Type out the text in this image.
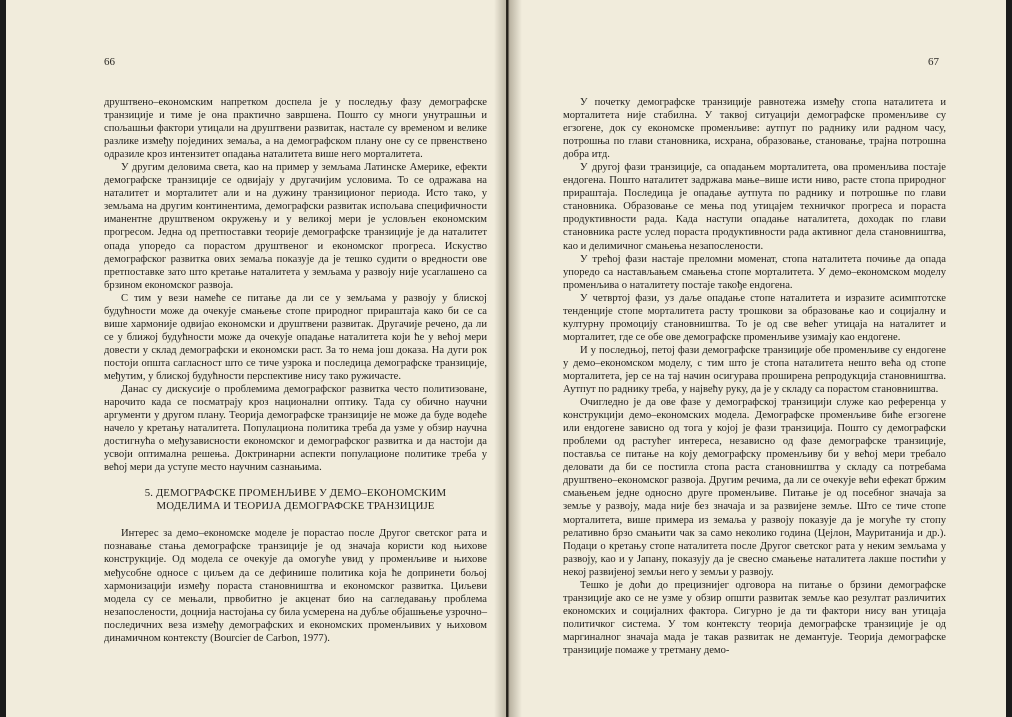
66

друштвено–економским напретком доспела је у последњу фазу демографске транзиције и тиме је она практично завршена. Пошто су многи унутрашњи и спољашњи фактори утицали на друштвени развитак, настале су временом и велике разлике између појединих земаља, а на демографском плану оне су се првенствено одразиле кроз интензитет опадања наталитета више него морталитета.

У другим деловима света, као на пример у земљама Латинске Америке, ефекти демографске транзиције се одвијају у другачијим условима. То се одражава на наталитет и морталитет али и на дужину транзиционог периода. Исто тако, у земљама на другим континентима, демографски развитак испољава специфичности иманентне друштвеном окружењу и у великој мери је условљен економским прогресом. Једна од претпоставки теорије демографске транзиције је да наталитет опада упоредо са порастом друштвеног и економског прогреса. Искуство демографског развитка ових земаља показује да је тешко судити о вредности ове претпоставке зато што кретање наталитета у земљама у развоју није усаглашено са брзином економског развоја.

С тим у вези намеће се питање да ли се у земљама у развоју у блиској будућности може да очекује смањење стопе природног прираштаја како би се са више хармоније одвијао економски и друштвени развитак. Другачије речено, да ли се у ближој будућности може да очекује опадање наталитета који ће у већој мери довести у склад демографски и економски раст. За то нема још доказа. На дуги рок постоји општа сагласност што се тиче узрока и последица демографске транзиције, међутим, у блиској будућности перспективе нису тако ружичасте.

Данас су дискусије о проблемима демографског развитка често политизоване, нарочито када се посматрају кроз национални оптику. Тада су обично научни аргументи у другом плану. Теорија демографске транзиције не може да буде водеће начело у кретању наталитета. Популациона политика треба да узме у обзир научна достигнућа о међузависности економског и демографског развитка и да настоји да усвоји оптимална решења. Доктринарни аспекти популационе политике треба у већој мери да уступе место научним сазнањима.

5. ДЕМОГРАФСКЕ ПРОМЕНЉИВЕ У ДЕМО–ЕКОНОМСКИМ МОДЕЛИМА И ТЕОРИЈА ДЕМОГРАФСКЕ ТРАНЗИЦИЈЕ

Интерес за демо–економске моделе је порастао после Другог светског рата и познавање стања демографске транзиције је од значаја користи код њихове конструкције. Од модела се очекује да омогуће увид у променљиве и њихове међусобне односе с циљем да се дефинише политика која ће допринети бољој хармонизацији између пораста становништва и економског развитка. Циљеви модела су се мењали, првобитно је акценат био на сагледавању проблема незапослености, доцнија настојања су била усмерена на дубље објашњење узрочно–последичних веза између демографских и економских променљивих у њиховом динамичном контексту (Bourcier de Carbon, 1977).

67

У почетку демографске транзиције равнотежа између стопа наталитета и морталитета није стабилна. У таквој ситуацији демографске променљиве су егзогене, док су економске променљиве: аутпут по раднику или радном часу, потрошња по глави становника, исхрана, образовање, становање, трајна потрошна добра итд.

У другој фази транзиције, са опадањем морталитета, ова променљива постаје ендогена. Пошто наталитет задржава мање–више исти ниво, расте стопа природног прираштаја. Последица је опадање аутпута по раднику и потрошње по глави становника. Образовање се мења под утицајем техничког прогреса и пораста продуктивности рада. Када наступи опадање наталитета, доходак по глави становника расте услед пораста продуктивности рада активног дела становништва, као и делимичног смањења незапослености.

У трећој фази настаје преломни моменат, стопа наталитета почиње да опада упоредо са настављањем смањења стопе морталитета. У демо–економском моделу променљива о наталитету постаје такође ендогена.

У четвртој фази, уз даље опадање стопе наталитета и изразите асимптотске тенденције стопе морталитета расту трошкови за образовање као и социјалну и културну промоцију становништва. То је од све већег утицаја на наталитет и морталитет, где се обе ове демографске променљиве узимају као ендогене.

И у последњој, петој фази демографске транзиције обе променљиве су ендогене у демо–економском моделу, с тим што је стопа наталитета нешто већа од стопе морталитета, јер се на тај начин осигурава проширена репродукција становништва. Аутпут по раднику треба, у највећу руку, да је у складу са порастом становништва.

Очигледно је да ове фазе у демографској транзицији служе као референца у конструкцији демо–економских модела. Демографске променљиве биће егзогене или ендогене зависно од тога у којој је фази транзиција. Пошто су демографски проблеми од растућег интереса, независно од фазе демографске транзиције, поставља се питање на коју демографску променљиву би у већој мери требало деловати да би се постигла стопа раста становништва у складу са потребама друштвено–економског развоја. Другим речима, да ли се очекује већи ефекат бржим смањењем једне односно друге променљиве. Питање је од посебног значаја за земље у развоју, мада није без значаја и за развијене земље. Што се тиче стопе морталитета, више примера из земаља у развоју показује да је могуће ту стопу релативно брзо смањити чак за само неколико година (Цејлон, Мауританија и др.). Подаци о кретању стопе наталитета после Другог светског рата у неким земљама у развоју, као и у Јапану, показују да је свесно смањење наталитета лакше постићи у некој развијеној земљи него у земљи у развоју.

Тешко је доћи до прецизнијег одговора на питање о брзини демографске транзиције ако се не узме у обзир општи развитак земље као резултат различитих економских и социјалних фактора. Сигурно је да ти фактори нису ван утицаја политичког система. У том контексту теорија демографске транзиције је од маргиналног значаја мада је такав развитак не демантује. Теорија демографске транзиције помаже у третману демо-
